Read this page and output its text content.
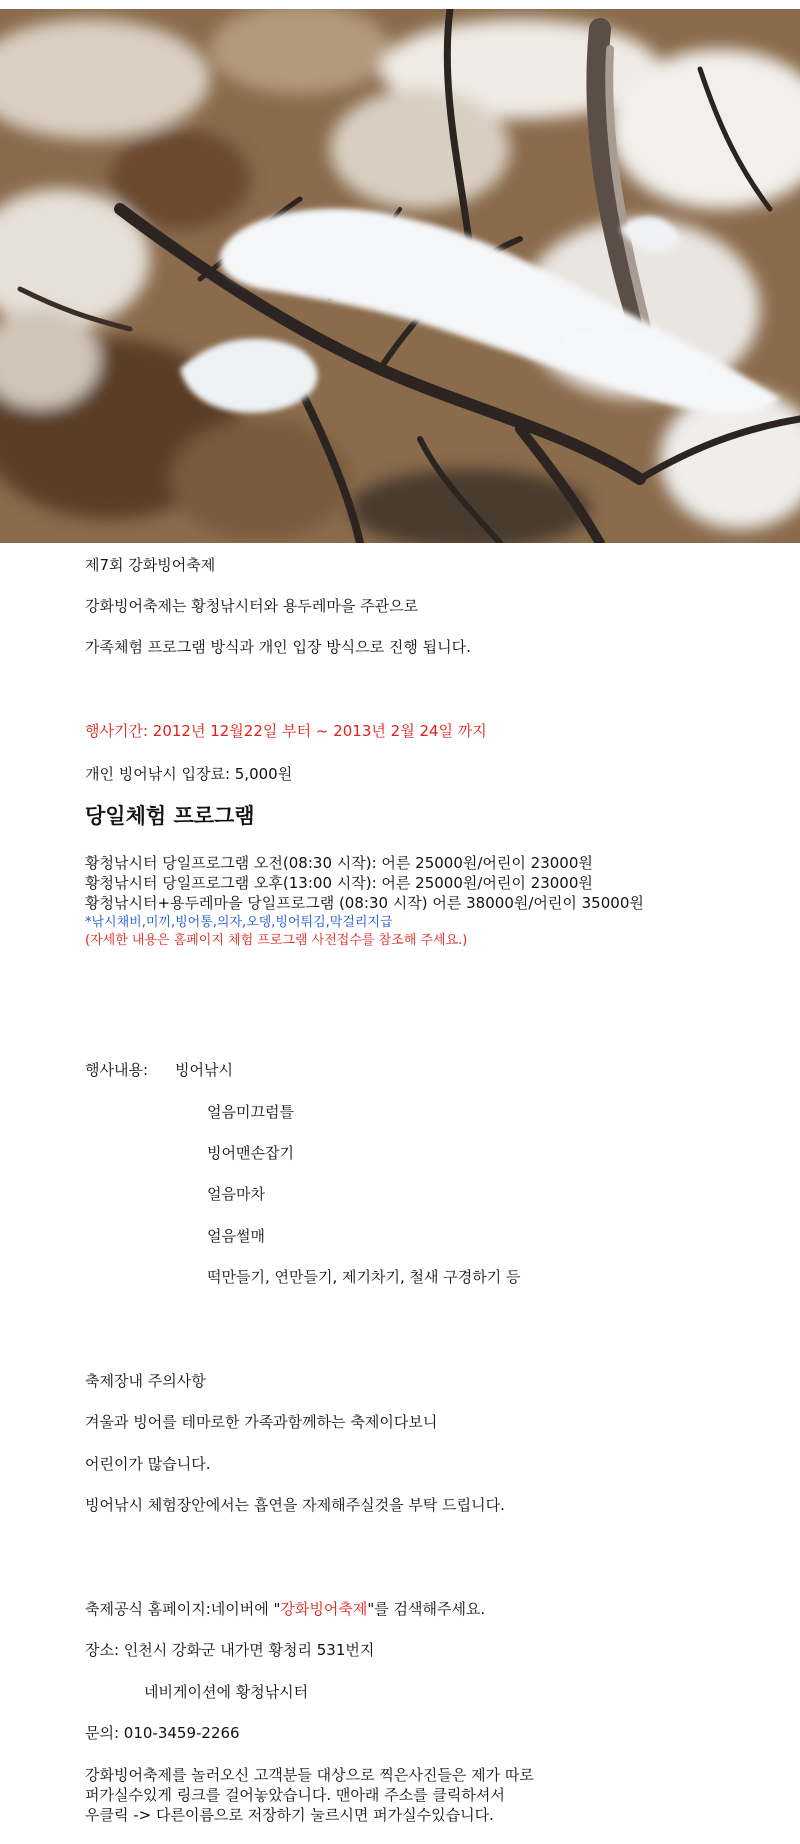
제7회 강화빙어축제
강화빙어축제는 황청낚시터와 용두레마을 주관으로
가족체험 프로그램 방식과 개인 입장 방식으로 진행 됩니다.
행사기간: 2012년 12월22일 부터 ~ 2013년 2월 24일 까지
개인 빙어낚시 입장료: 5,000원
당일체험 프로그램
황청낚시터 당일프로그램 오전(08:30 시작): 어른 25000원/어린이 23000원
황청낚시터 당일프로그램 오후(13:00 시작): 어른 25000원/어린이 23000원
황청낚시터+용두레마을 당일프로그램 (08:30 시작) 어른 38000원/어린이 35000원
*낚시채비,미끼,빙어통,의자,오뎅,빙어튀김,막걸리지급
(자세한 내용은 홈페이지 체험 프로그램 사전접수를 참조해 주세요.)
행사내용: 빙어낚시
얼음미끄럼틀
빙어맨손잡기
얼음마차
얼음썰매
떡만들기, 연만들기, 제기차기, 철새 구경하기 등
축제장내 주의사항
겨울과 빙어를 테마로한 가족과함께하는 축제이다보니
어린이가 많습니다.
빙어낚시 체험장안에서는 흡연을 자제해주실것을 부탁 드립니다.
축제공식 홈페이지:네이버에 "강화빙어축제"를 검색해주세요.
장소: 인천시 강화군 내가면 황청리 531번지
네비게이션에 황청낚시터
문의: 010-3459-2266
강화빙어축제를 놀러오신 고객분들 대상으로 찍은사진들은 제가 따로
퍼가실수있게 링크를 걸어놓았습니다. 맨아래 주소를 클릭하셔서
우클릭 -> 다른이름으로 저장하기 눌르시면 퍼가실수있습니다.
